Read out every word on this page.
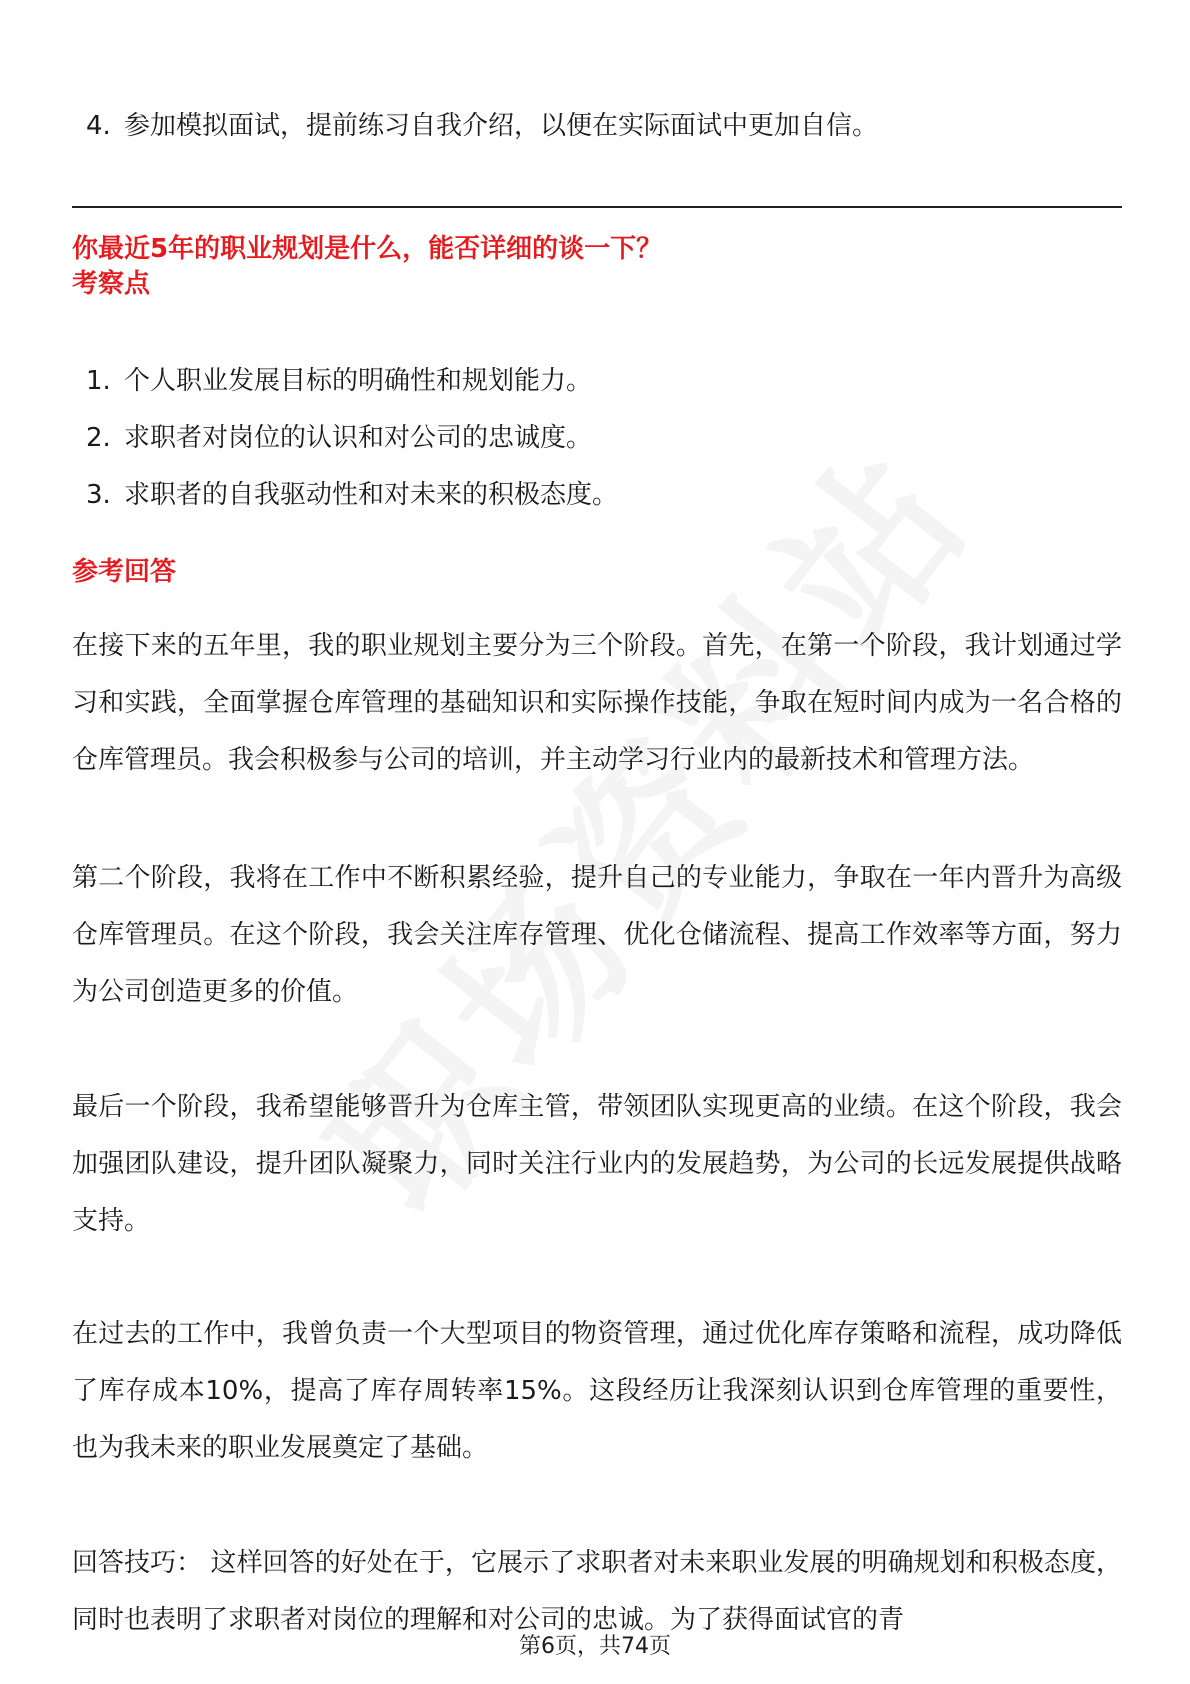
4. 参加模拟面试，提前练习自我介绍，以便在实际面试中更加自信。
你最近5年的职业规划是什么，能否详细的谈一下？
考察点
1. 个人职业发展目标的明确性和规划能力。
2. 求职者对岗位的认识和对公司的忠诚度。
3. 求职者的自我驱动性和对未来的积极态度。
参考回答

在接下来的五年里，我的职业规划主要分为三个阶段。首先，在第一个阶段，我计划通过学习和实践，全面掌握仓库管理的基础知识和实际操作技能，争取在短时间内成为一名合格的仓库管理员。我会积极参与公司的培训，并主动学习行业内的最新技术和管理方法。

第二个阶段，我将在工作中不断积累经验，提升自己的专业能力，争取在一年内晋升为高级仓库管理员。在这个阶段，我会关注库存管理、优化仓储流程、提高工作效率等方面，努力为公司创造更多的价值。

最后一个阶段，我希望能够晋升为仓库主管，带领团队实现更高的业绩。在这个阶段，我会加强团队建设，提升团队凝聚力，同时关注行业内的发展趋势，为公司的长远发展提供战略支持。

在过去的工作中，我曾负责一个大型项目的物资管理，通过优化库存策略和流程，成功降低了库存成本10%，提高了库存周转率15%。这段经历让我深刻认识到仓库管理的重要性，也为我未来的职业发展奠定了基础。

回答技巧： 这样回答的好处在于，它展示了求职者对未来职业发展的明确规划和积极态度，同时也表明了求职者对岗位的理解和对公司的忠诚。为了获得面试官的青

第6页，共74页
